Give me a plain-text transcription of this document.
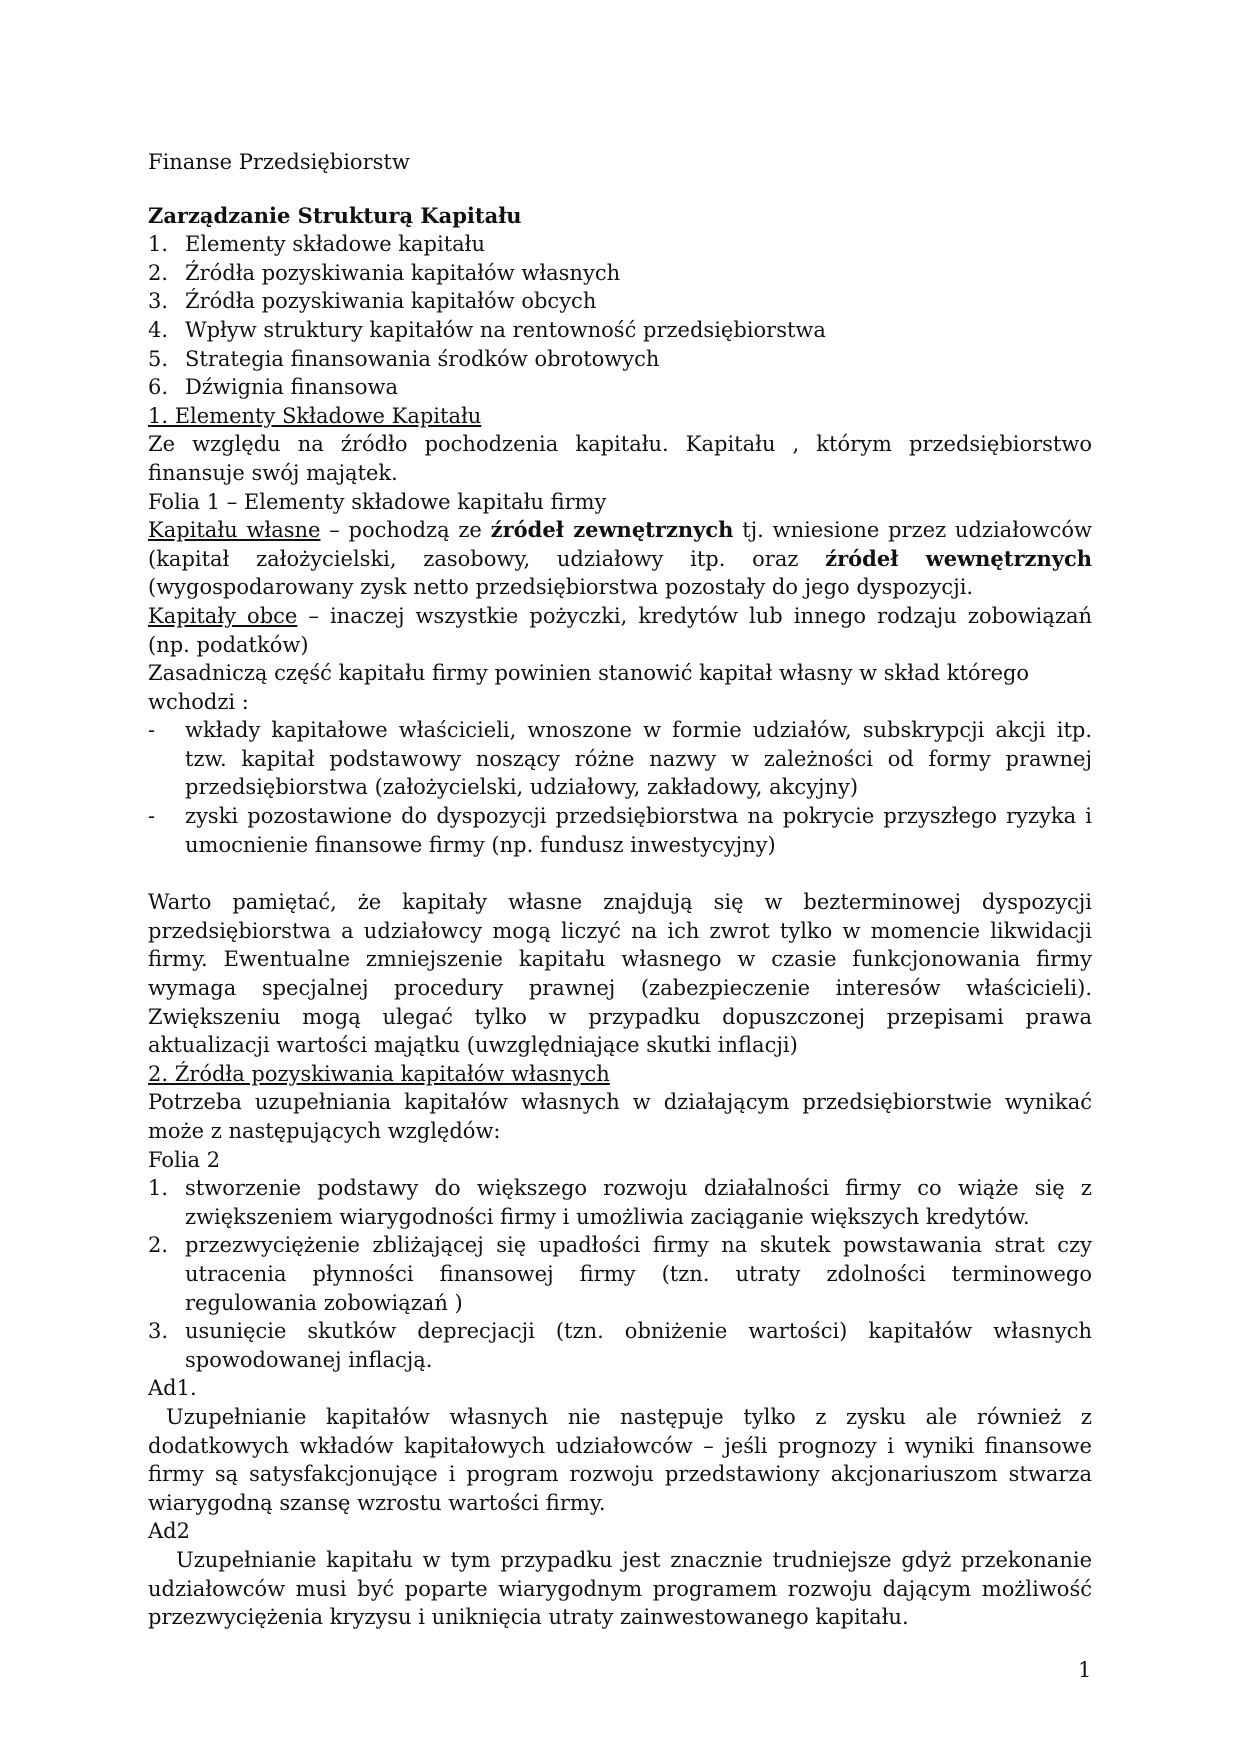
Finanse Przedsiębiorstw

Zarządzanie Strukturą Kapitału

1. Elementy składowe kapitału
2. Źródła pozyskiwania kapitałów własnych
3. Źródła pozyskiwania kapitałów obcych
4. Wpływ struktury kapitałów na rentowność przedsiębiorstwa
5. Strategia finansowania środków obrotowych
6. Dźwignia finansowa

1. Elementy Składowe Kapitału

Ze względu na źródło pochodzenia kapitału. Kapitału , którym przedsiębiorstwo finansuje swój majątek.

Folia 1 – Elementy składowe kapitału firmy

Kapitału własne – pochodzą ze źródeł zewnętrznych tj. wniesione przez udziałowców (kapitał założycielski, zasobowy, udziałowy itp. oraz źródeł wewnętrznych (wygospodarowany zysk netto przedsiębiorstwa pozostały do jego dyspozycji.

Kapitały obce – inaczej wszystkie pożyczki, kredytów lub innego rodzaju zobowiązań (np. podatków)

Zasadniczą część kapitału firmy powinien stanowić kapitał własny w skład którego wchodzi :

- wkłady kapitałowe właścicieli, wnoszone w formie udziałów, subskrypcji akcji itp. tzw. kapitał podstawowy noszący różne nazwy w zależności od formy prawnej przedsiębiorstwa (założycielski, udziałowy, zakładowy, akcyjny)
- zyski pozostawione do dyspozycji przedsiębiorstwa na pokrycie przyszłego ryzyka i umocnienie finansowe firmy (np. fundusz inwestycyjny)

Warto pamiętać, że kapitały własne znajdują się w bezterminowej dyspozycji przedsiębiorstwa a udziałowcy mogą liczyć na ich zwrot tylko w momencie likwidacji firmy. Ewentualne zmniejszenie kapitału własnego w czasie funkcjonowania firmy wymaga specjalnej procedury prawnej (zabezpieczenie interesów właścicieli). Zwiększeniu mogą ulegać tylko w przypadku dopuszczonej przepisami prawa aktualizacji wartości majątku (uwzględniające skutki inflacji)

2. Źródła pozyskiwania kapitałów własnych

Potrzeba uzupełniania kapitałów własnych w działającym przedsiębiorstwie wynikać może z następujących względów:

Folia 2

1. stworzenie podstawy do większego rozwoju działalności firmy co wiąże się z zwiększeniem wiarygodności firmy i umożliwia zaciąganie większych kredytów.
2. przezwyciężenie zbliżającej się upadłości firmy na skutek powstawania strat czy utracenia płynności finansowej firmy (tzn. utraty zdolności terminowego regulowania zobowiązań )
3. usunięcie skutków deprecjacji (tzn. obniżenie wartości) kapitałów własnych spowodowanej inflacją.

Ad1.

Uzupełnianie kapitałów własnych nie następuje tylko z zysku ale również z dodatkowych wkładów kapitałowych udziałowców – jeśli prognozy i wyniki finansowe firmy są satysfakcjonujące i program rozwoju przedstawiony akcjonariuszom stwarza wiarygodną szansę wzrostu wartości firmy.

Ad2

Uzupełnianie kapitału w tym przypadku jest znacznie trudniejsze gdyż przekonanie udziałowców musi być poparte wiarygodnym programem rozwoju dającym możliwość przezwyciężenia kryzysu i uniknięcia utraty zainwestowanego kapitału.

1
